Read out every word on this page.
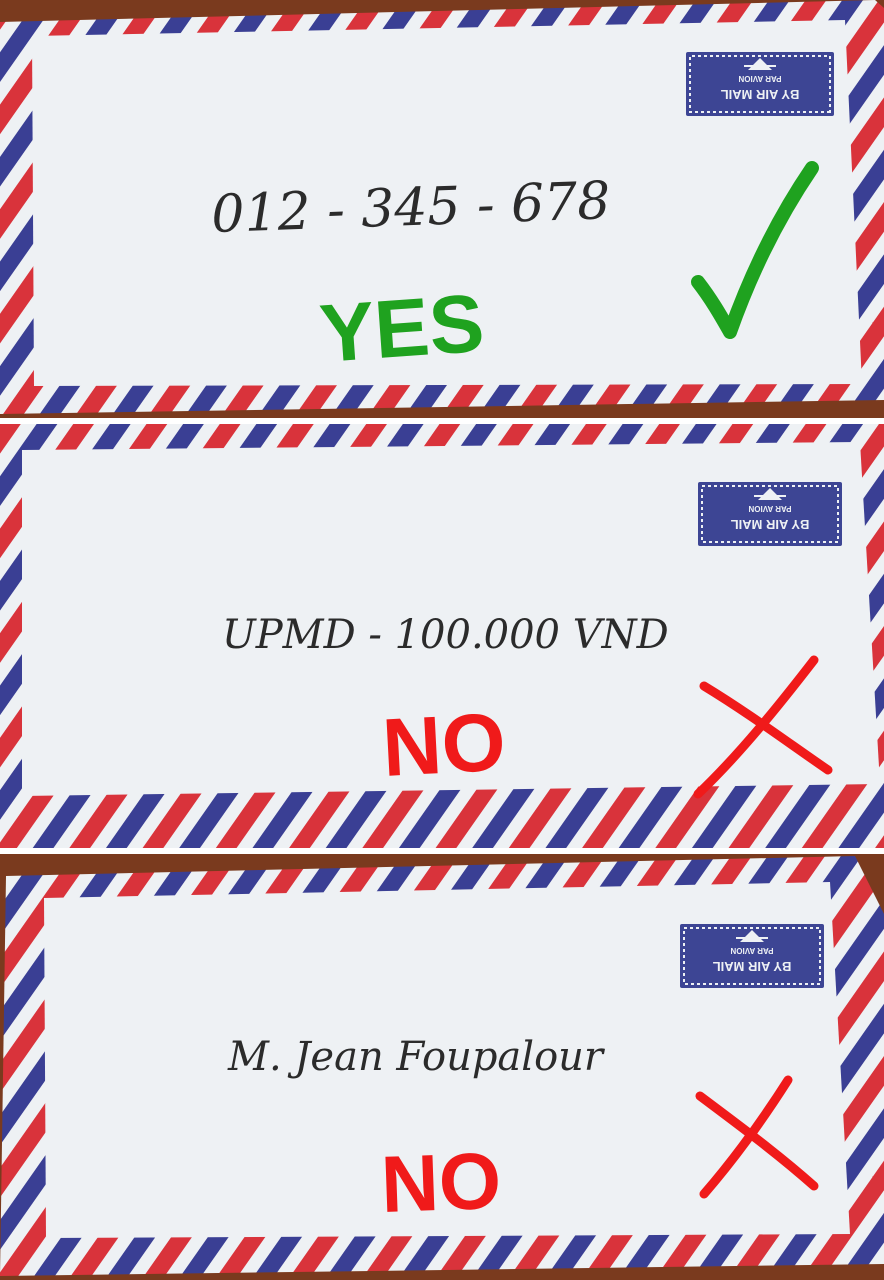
BY AIR MAIL
PAR AVION
012 - 345 - 678
YES
BY AIR MAIL
PAR AVION
UPMD - 100.000 VND
NO
BY AIR MAIL
PAR AVION
M. Jean Foupalour
NO
